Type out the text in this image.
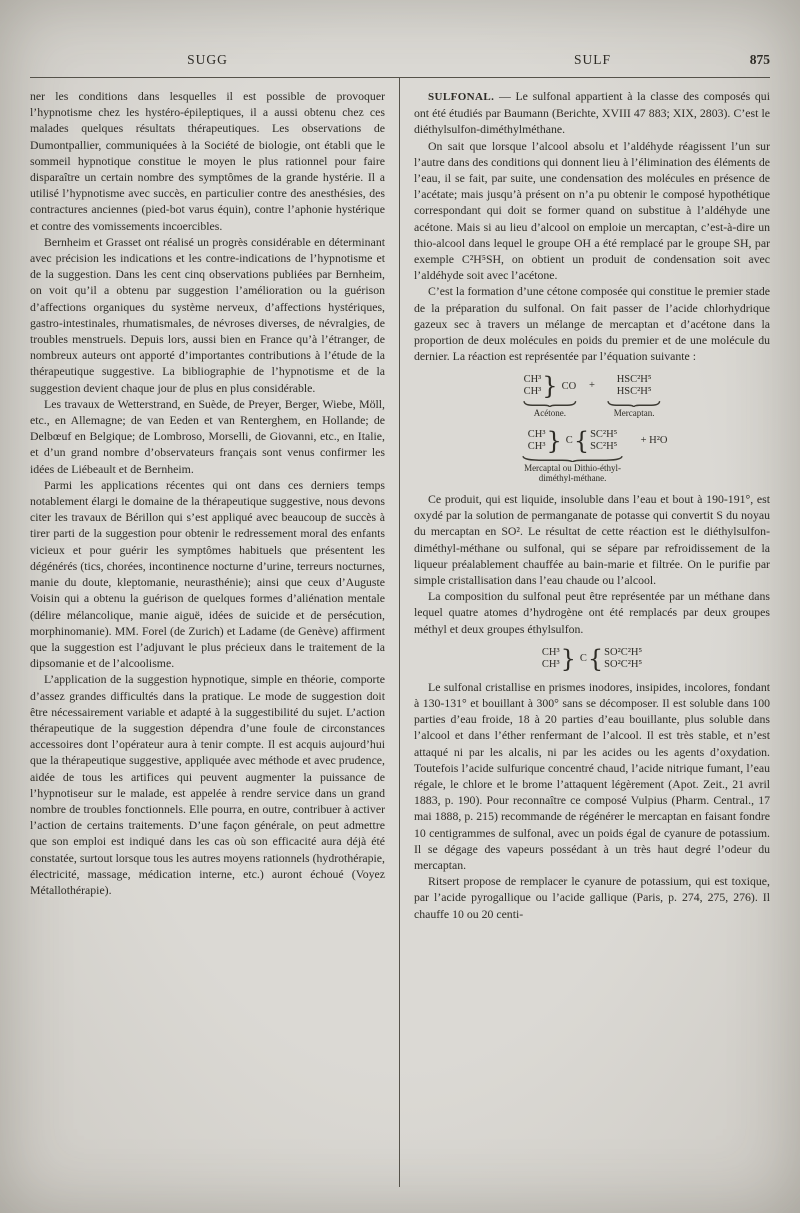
SUGG	SULF	875

ner les conditions dans lesquelles il est possible de provoquer l’hypnotisme chez les hystéro-épileptiques, il a aussi obtenu chez ces malades quelques résultats thérapeutiques. Les observations de Dumontpallier, communiquées à la Société de biologie, ont établi que le sommeil hypnotique constitue le moyen le plus rationnel pour faire disparaître un certain nombre des symptômes de la grande hystérie. Il a utilisé l’hypnotisme avec succès, en particulier contre des anesthésies, des contractures anciennes (pied-bot varus équin), contre l’aphonie hystérique et contre des vomissements incoercibles.

Bernheim et Grasset ont réalisé un progrès considérable en déterminant avec précision les indications et les contre-indications de l’hypnotisme et de la suggestion. Dans les cent cinq observations publiées par Bernheim, on voit qu’il a obtenu par suggestion l’amélioration ou la guérison d’affections organiques du système nerveux, d’affections hystériques, gastro-intestinales, rhumatismales, de névroses diverses, de névralgies, de troubles menstruels. Depuis lors, aussi bien en France qu’à l’étranger, de nombreux auteurs ont apporté d’importantes contributions à l’étude de la thérapeutique suggestive. La bibliographie de l’hypnotisme et de la suggestion devient chaque jour de plus en plus considérable.

Les travaux de Wetterstrand, en Suède, de Preyer, Berger, Wiebe, Möll, etc., en Allemagne; de van Eeden et van Renterghem, en Hollande; de Delbœuf en Belgique; de Lombroso, Morselli, de Giovanni, etc., en Italie, et d’un grand nombre d’observateurs français sont venus confirmer les idées de Liébeault et de Bernheim.

Parmi les applications récentes qui ont dans ces derniers temps notablement élargi le domaine de la thérapeutique suggestive, nous devons citer les travaux de Bérillon qui s’est appliqué avec beaucoup de succès à tirer parti de la suggestion pour obtenir le redressement moral des enfants vicieux et pour guérir les symptômes habituels que présentent les dégénérés (tics, chorées, incontinence nocturne d’urine, terreurs nocturnes, manie du doute, kleptomanie, neurasthénie); ainsi que ceux d’Auguste Voisin qui a obtenu la guérison de quelques formes d’aliénation mentale (délire mélancolique, manie aiguë, idées de suicide et de persécution, morphinomanie). MM. Forel (de Zurich) et Ladame (de Genève) affirment que la suggestion est l’adjuvant le plus précieux dans le traitement de la dipsomanie et de l’alcoolisme.

L’application de la suggestion hypnotique, simple en théorie, comporte d’assez grandes difficultés dans la pratique. Le mode de suggestion doit être nécessairement variable et adapté à la suggestibilité du sujet. L’action thérapeutique de la suggestion dépendra d’une foule de circonstances accessoires dont l’opérateur aura à tenir compte. Il est acquis aujourd’hui que la thérapeutique suggestive, appliquée avec méthode et avec prudence, aidée de tous les artifices qui peuvent augmenter la puissance de l’hypnotiseur sur le malade, est appelée à rendre service dans un grand nombre de troubles fonctionnels. Elle pourra, en outre, contribuer à activer l’action de certains traitements. D’une façon générale, on peut admettre que son emploi est indiqué dans les cas où son efficacité aura déjà été constatée, surtout lorsque tous les autres moyens rationnels (hydrothérapie, électricité, massage, médication interne, etc.) auront échoué (Voyez Métallothérapie).

SULFONAL. — Le sulfonal appartient à la classe des composés qui ont été étudiés par Baumann (Berichte, XVIII 47 883; XIX, 2803). C’est le diéthylsulfon-diméthylméthane.

On sait que lorsque l’alcool absolu et l’aldéhyde réagissent l’un sur l’autre dans des conditions qui donnent lieu à l’élimination des éléments de l’eau, il se fait, par suite, une condensation des molécules en présence de l’acétate; mais jusqu’à présent on n’a pu obtenir le composé hypothétique correspondant qui doit se former quand on substitue à l’aldéhyde une acétone. Mais si au lieu d’alcool on emploie un mercaptan, c’est-à-dire un thio-alcool dans lequel le groupe OH a été remplacé par le groupe SH, par exemple C²H⁵SH, on obtient un produit de condensation soit avec l’aldéhyde soit avec l’acétone.

C’est la formation d’une cétone composée qui constitue le premier stade de la préparation du sulfonal. On fait passer de l’acide chlorhydrique gazeux sec à travers un mélange de mercaptan et d’acétone dans la proportion de deux molécules en poids du premier et de une molécule du dernier. La réaction est représentée par l’équation suivante :

CH³
CH³ } CO
Acétone.
+
HSC²H⁵
HSC²H⁵
Mercaptan.
CH³
CH³ } C { SC²H⁵
SC²H⁵
Mercaptal ou Dithio-éthyl-diméthyl-méthane.
+ H²O

Ce produit, qui est liquide, insoluble dans l’eau et bout à 190-191°, est oxydé par la solution de permanganate de potasse qui convertit S du noyau du mercaptan en SO². Le résultat de cette réaction est le diéthylsulfon-diméthyl-méthane ou sulfonal, qui se sépare par refroidissement de la liqueur préalablement chauffée au bain-marie et filtrée. On le purifie par simple cristallisation dans l’eau chaude ou l’alcool.

La composition du sulfonal peut être représentée par un méthane dans lequel quatre atomes d’hydrogène ont été remplacés par deux groupes méthyl et deux groupes éthylsulfon.

CH³
CH³ } C { SO²C²H⁵
SO²C²H⁵

Le sulfonal cristallise en prismes inodores, insipides, incolores, fondant à 130-131° et bouillant à 300° sans se décomposer. Il est soluble dans 100 parties d’eau froide, 18 à 20 parties d’eau bouillante, plus soluble dans l’alcool et dans l’éther renfermant de l’alcool. Il est très stable, et n’est attaqué ni par les alcalis, ni par les acides ou les agents d’oxydation. Toutefois l’acide sulfurique concentré chaud, l’acide nitrique fumant, l’eau régale, le chlore et le brome l’attaquent légèrement (Apot. Zeit., 21 avril 1883, p. 190). Pour reconnaître ce composé Vulpius (Pharm. Central., 17 mai 1888, p. 215) recommande de régénérer le mercaptan en faisant fondre 10 centigrammes de sulfonal, avec un poids égal de cyanure de potassium. Il se dégage des vapeurs possédant à un très haut degré l’odeur du mercaptan.

Ritsert propose de remplacer le cyanure de potassium, qui est toxique, par l’acide pyrogallique ou l’acide gallique (Paris, p. 274, 275, 276). Il chauffe 10 ou 20 centi-
